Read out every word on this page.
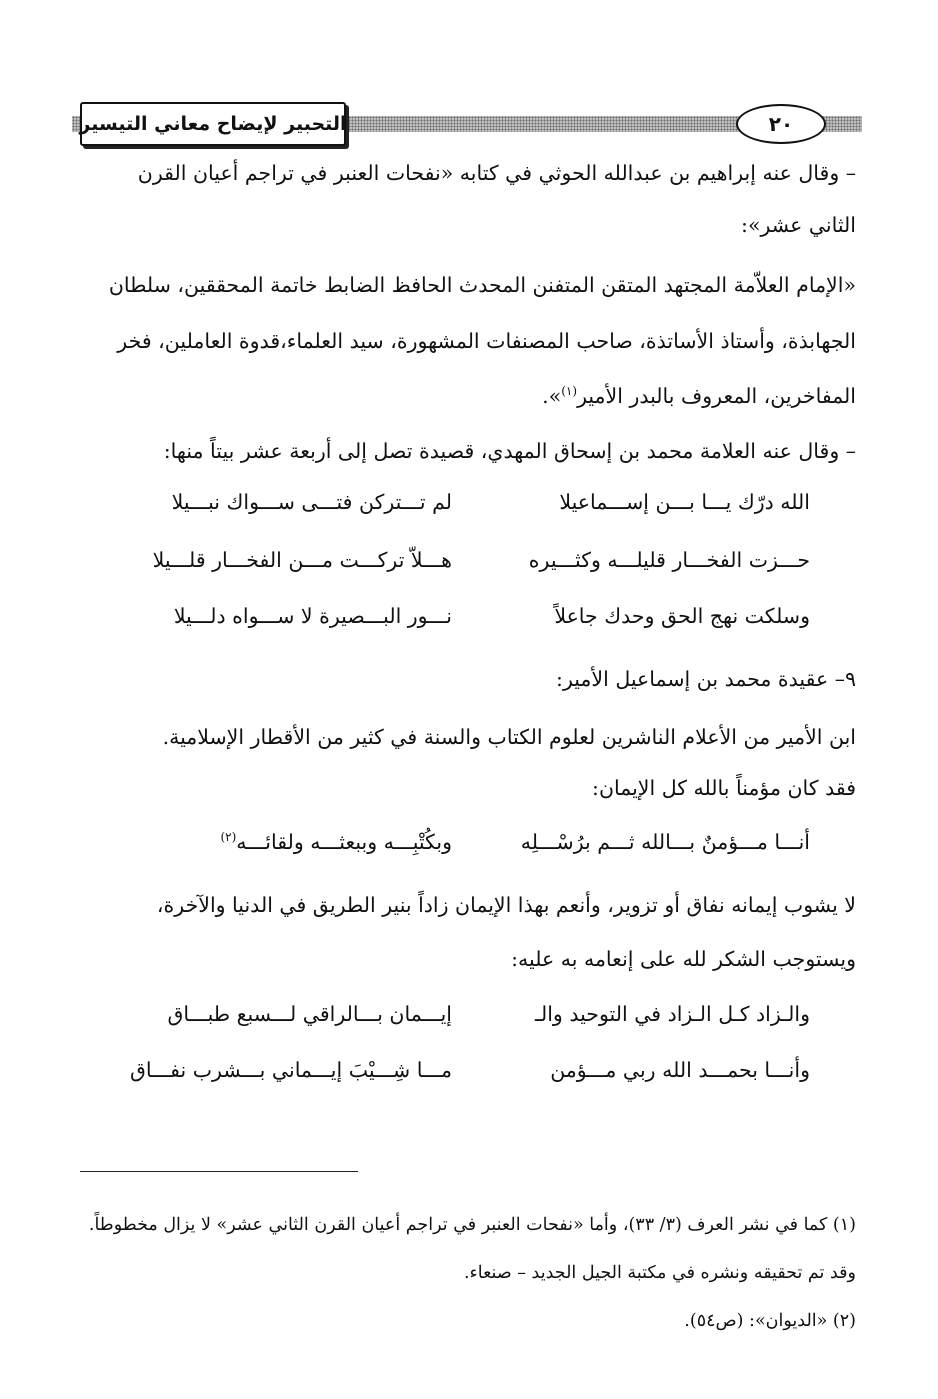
التحبير لإيضاح معاني التيسير	٢٠
– وقال عنه إبراهيم بن عبدالله الحوثي في كتابه «نفحات العنبر في تراجم أعيان القرن
الثاني عشر»:
«الإمام العلاّمة المجتهد المتقن المتفنن المحدث الحافظ الضابط خاتمة المحققين، سلطان
الجهابذة، وأستاذ الأساتذة، صاحب المصنفات المشهورة، سيد العلماء،قدوة العاملين، فخر
المفاخرين، المعروف بالبدر الأمير$^{(١)}$».
– وقال عنه العلامة محمد بن إسحاق المهدي، قصيدة تصل إلى أربعة عشر بيتاً منها:
الله درّك يـــا بـــن إســـماعيلا
لم تـــتركن فتـــى ســـواك نبـــيلا
حـــزت الفخـــار قليلـــه وكثـــيره
هـــلاّ تركـــت مـــن الفخـــار قلـــيلا
وسلكت نهج الحق وحدك جاعلاً
نـــور البـــصيرة لا ســـواه دلـــيلا
٩– عقيدة محمد بن إسماعيل الأمير:
ابن الأمير من الأعلام الناشرين لعلوم الكتاب والسنة في كثير من الأقطار الإسلامية.
فقد كان مؤمناً بالله كل الإيمان:
أنـــا مـــؤمنٌ بـــالله ثـــم برُسْـــلِه
وبكُتْبِـــه وببعثـــه ولقائـــه$^{(٢)}$
لا يشوب إيمانه نفاق أو تزوير، وأنعم بهذا الإيمان زاداً بنير الطريق في الدنيا والآخرة،
ويستوجب الشكر لله على إنعامه به عليه:
والـزاد كـل الـزاد في التوحيد والـ
إيـــمان بـــالراقي لـــسبع طبـــاق
وأنـــا بحمـــد الله ربي مـــؤمن
مـــا شِـــيْبَ إيـــماني بـــشرب نفـــاق
(١) كما في نشر العرف (٣/ ٣٣)، وأما «نفحات العنبر في تراجم أعيان القرن الثاني عشر» لا يزال مخطوطاً.
وقد تم تحقيقه ونشره في مكتبة الجيل الجديد – صنعاء.
(٢) «الديوان»: (ص٥٤).
